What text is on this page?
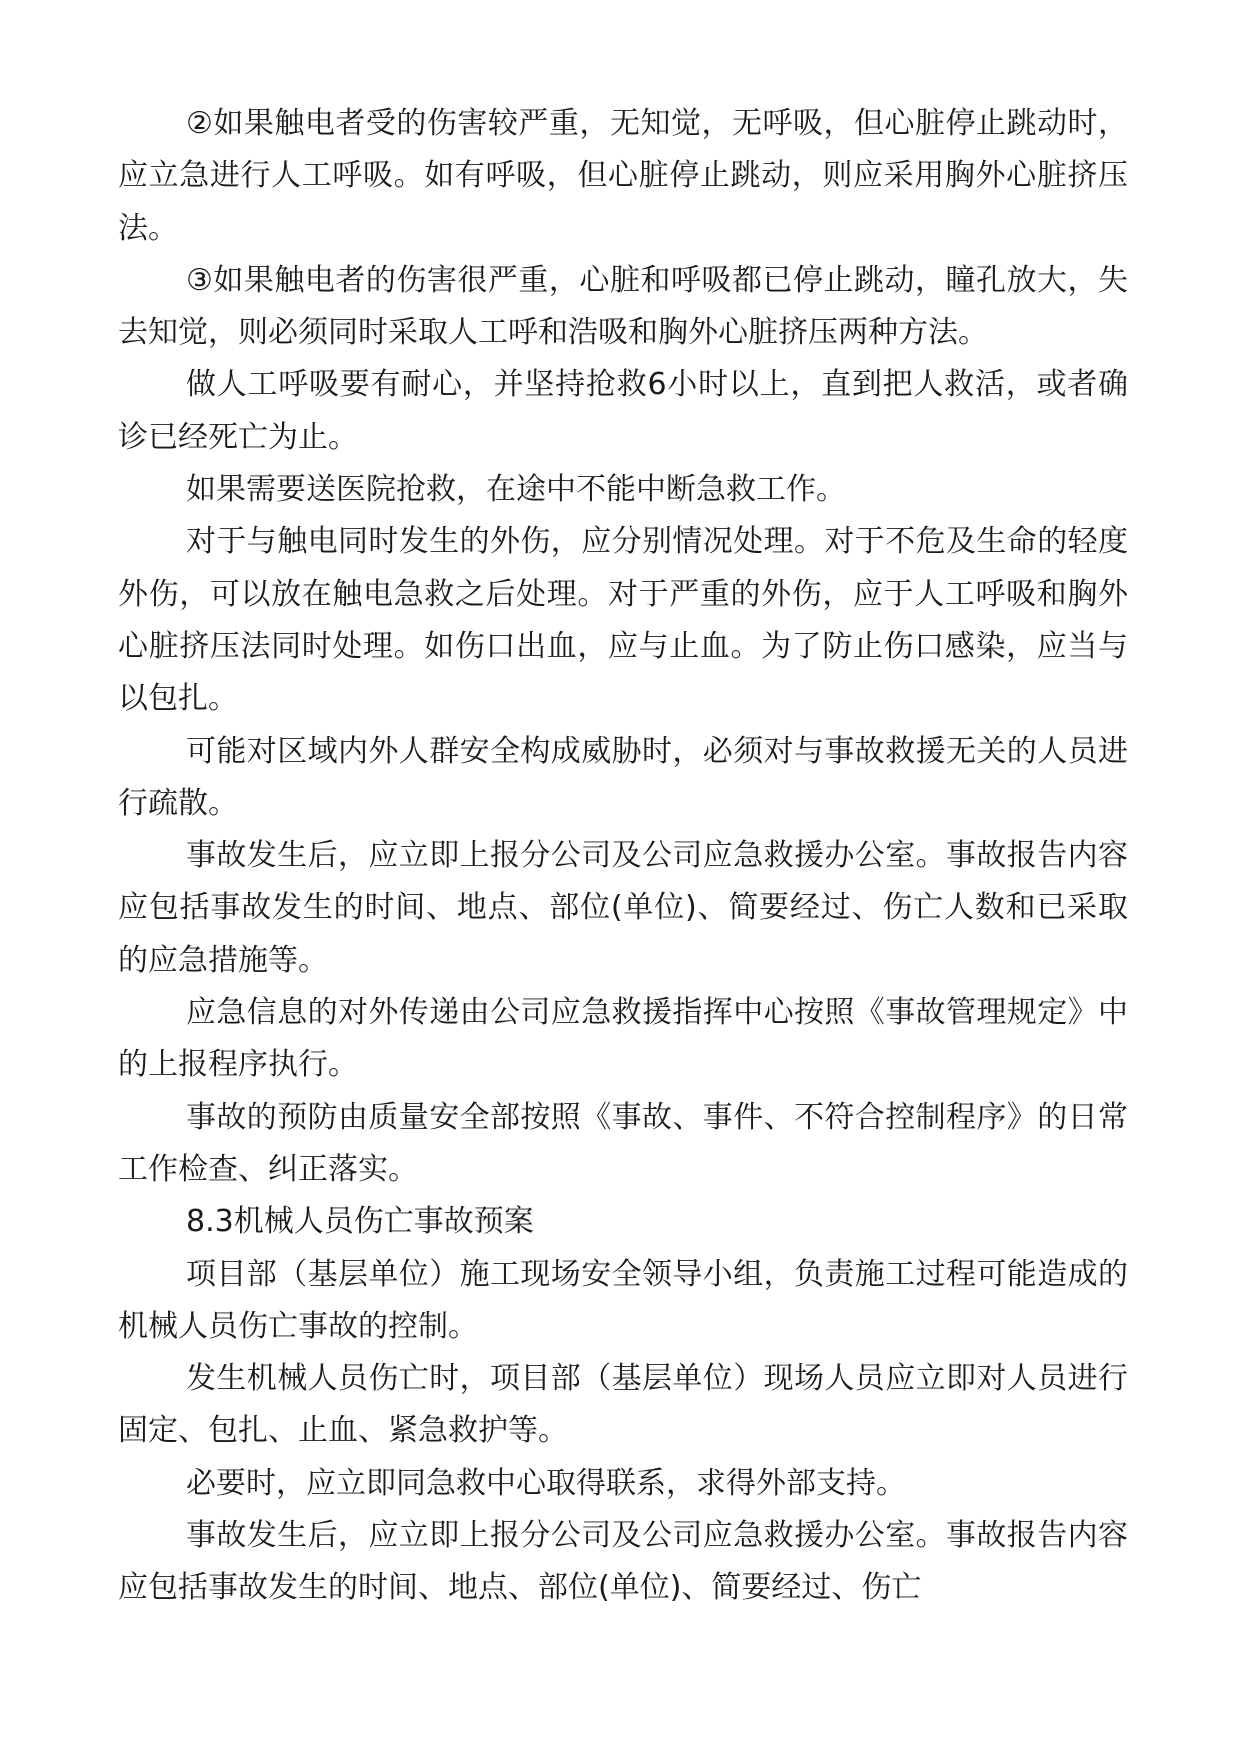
②如果触电者受的伤害较严重，无知觉，无呼吸，但心脏停止跳动时，应立急进行人工呼吸。如有呼吸，但心脏停止跳动，则应采用胸外心脏挤压法。

③如果触电者的伤害很严重，心脏和呼吸都已停止跳动，瞳孔放大，失去知觉，则必须同时采取人工呼和浩吸和胸外心脏挤压两种方法。

做人工呼吸要有耐心，并坚持抢救6小时以上，直到把人救活，或者确诊已经死亡为止。

如果需要送医院抢救，在途中不能中断急救工作。

对于与触电同时发生的外伤，应分别情况处理。对于不危及生命的轻度外伤，可以放在触电急救之后处理。对于严重的外伤，应于人工呼吸和胸外心脏挤压法同时处理。如伤口出血，应与止血。为了防止伤口感染，应当与以包扎。

可能对区域内外人群安全构成威胁时，必须对与事故救援无关的人员进行疏散。

事故发生后，应立即上报分公司及公司应急救援办公室。事故报告内容应包括事故发生的时间、地点、部位(单位)、简要经过、伤亡人数和已采取的应急措施等。

应急信息的对外传递由公司应急救援指挥中心按照《事故管理规定》中的上报程序执行。

事故的预防由质量安全部按照《事故、事件、不符合控制程序》的日常工作检查、纠正落实。

8.3机械人员伤亡事故预案

项目部（基层单位）施工现场安全领导小组，负责施工过程可能造成的机械人员伤亡事故的控制。

发生机械人员伤亡时，项目部（基层单位）现场人员应立即对人员进行固定、包扎、止血、紧急救护等。

必要时，应立即同急救中心取得联系，求得外部支持。

事故发生后，应立即上报分公司及公司应急救援办公室。事故报告内容应包括事故发生的时间、地点、部位(单位)、简要经过、伤亡
